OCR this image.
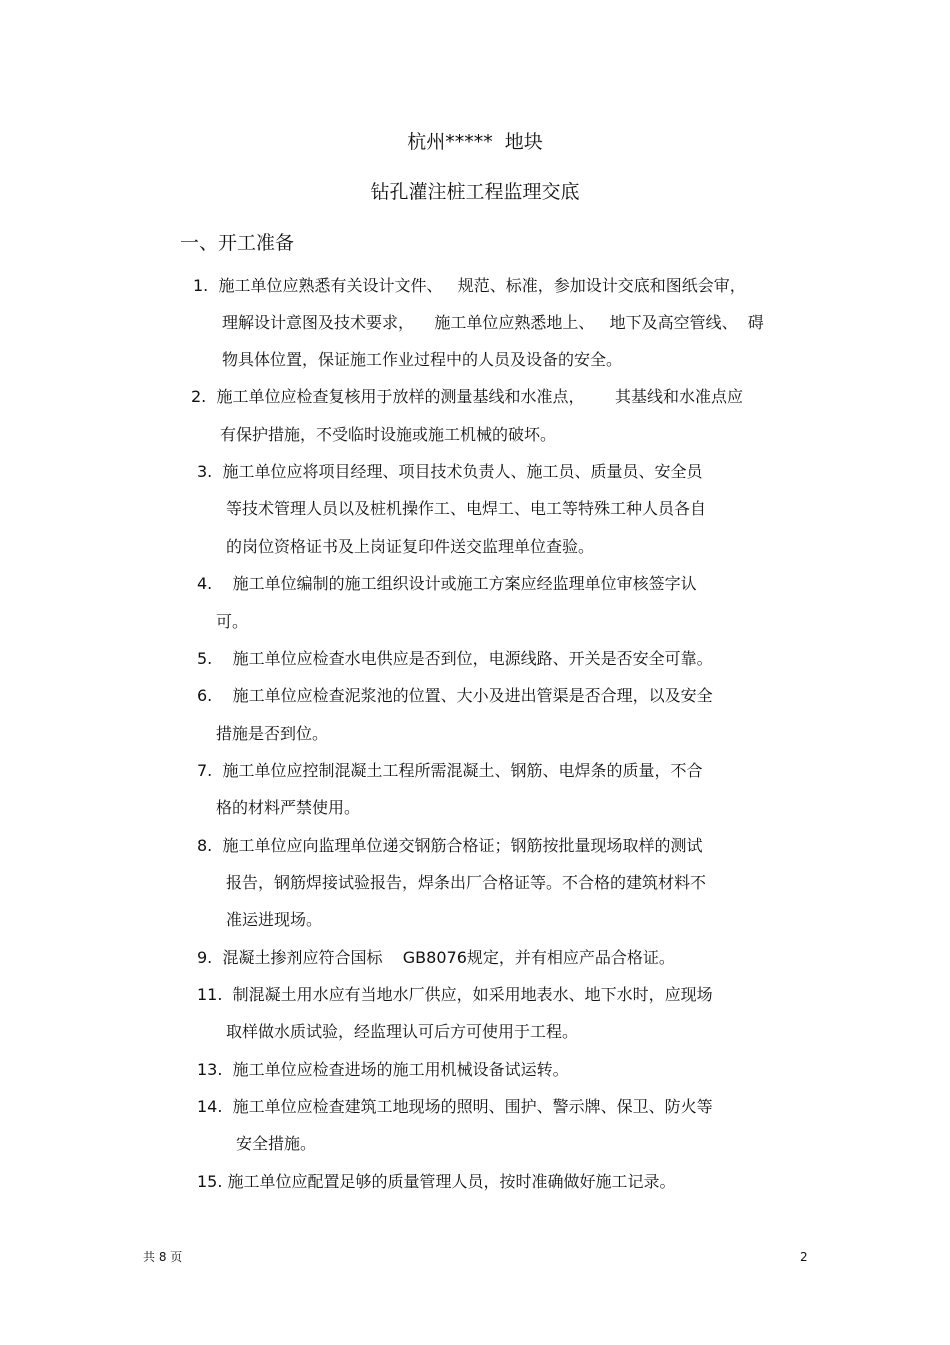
杭州*****  地块
钻孔灌注桩工程监理交底
一、开工准备
1.  施工单位应熟悉有关设计文件、   规范、标准，参加设计交底和图纸会审，
理解设计意图及技术要求，    施工单位应熟悉地上、   地下及高空管线、  碍
物具体位置，保证施工作业过程中的人员及设备的安全。
2.  施工单位应检查复核用于放样的测量基线和水准点，      其基线和水准点应
有保护措施，不受临时设施或施工机械的破坏。
3.  施工单位应将项目经理、项目技术负责人、施工员、质量员、安全员
等技术管理人员以及桩机操作工、电焊工、电工等特殊工种人员各自
的岗位资格证书及上岗证复印件送交监理单位查验。
4.    施工单位编制的施工组织设计或施工方案应经监理单位审核签字认
可。
5.    施工单位应检查水电供应是否到位，电源线路、开关是否安全可靠。
6.    施工单位应检查泥浆池的位置、大小及进出管渠是否合理，以及安全
措施是否到位。
7.  施工单位应控制混凝土工程所需混凝土、钢筋、电焊条的质量，不合
格的材料严禁使用。
8.  施工单位应向监理单位递交钢筋合格证；钢筋按批量现场取样的测试
报告，钢筋焊接试验报告，焊条出厂合格证等。不合格的建筑材料不
准运进现场。
9.  混凝土掺剂应符合国标    GB8076规定，并有相应产品合格证。
11.  制混凝土用水应有当地水厂供应，如采用地表水、地下水时，应现场
取样做水质试验，经监理认可后方可使用于工程。
13.  施工单位应检查进场的施工用机械设备试运转。
14.  施工单位应检查建筑工地现场的照明、围护、警示牌、保卫、防火等
安全措施。
15. 施工单位应配置足够的质量管理人员，按时准确做好施工记录。
共 8 页	2
